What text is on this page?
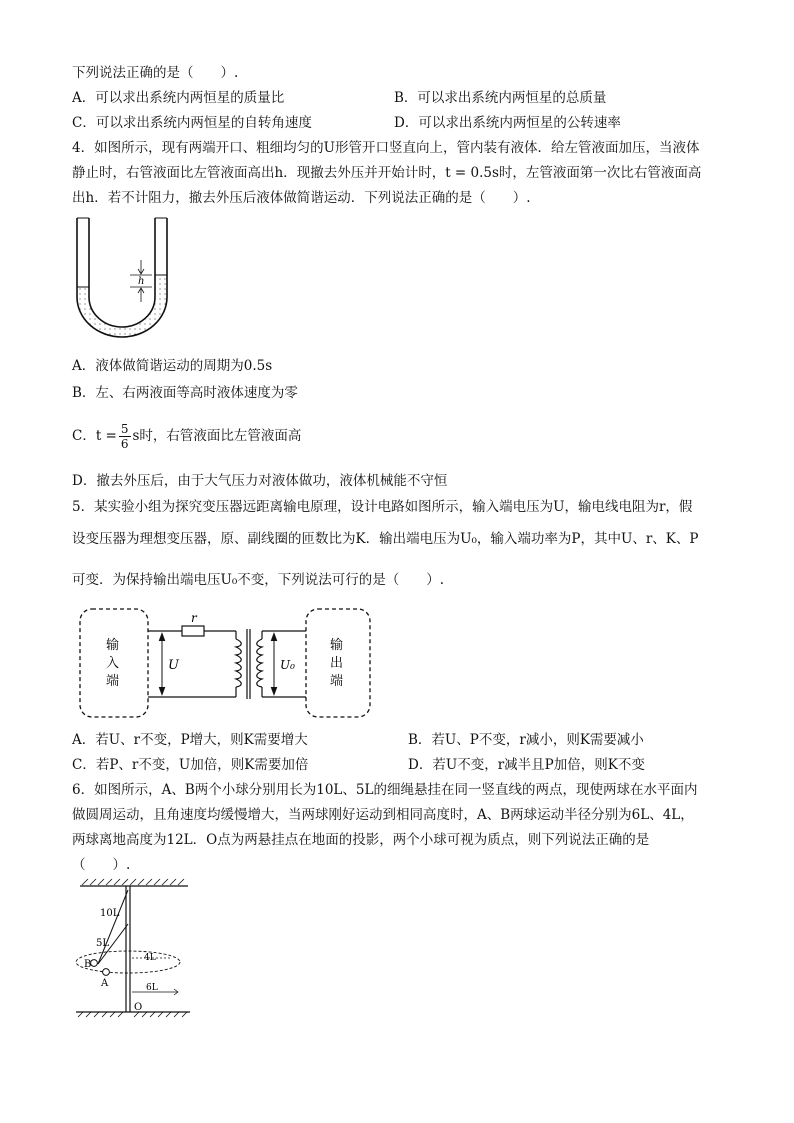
下列说法正确的是（　　）.
A．可以求出系统内两恒星的质量比	B．可以求出系统内两恒星的总质量
C．可以求出系统内两恒星的自转角速度	D．可以求出系统内两恒星的公转速率
4．如图所示，现有两端开口、粗细均匀的U形管开口竖直向上，管内装有液体．给左管液面加压，当液体
静止时，右管液面比左管液面高出h．现撤去外压并开始计时，t = 0.5s时，左管液面第一次比右管液面高
出h．若不计阻力，撤去外压后液体做简谐运动．下列说法正确的是（　　）.
h
A．液体做简谐运动的周期为0.5s
B．左、右两液面等高时液体速度为零
C．$t = \frac{5}{6}$ s时，右管液面比左管液面高
D．撤去外压后，由于大气压力对液体做功，液体机械能不守恒
5．某实验小组为探究变压器远距离输电原理，设计电路如图所示，输入端电压为U，输电线电阻为r，假
设变压器为理想变压器，原、副线圈的匝数比为K．输出端电压为U₀，输入端功率为P，其中U、r、K、P
可变．为保持输出端电压U₀不变，下列说法可行的是（　　）.
输
入
端
输
出
端
r
U	U₀
A．若U、r不变，P增大，则K需要增大	B．若U、P不变，r减小，则K需要减小
C．若P、r不变，U加倍，则K需要加倍	D．若U不变，r减半且P加倍，则K不变
6．如图所示，A、B两个小球分别用长为10L、5L的细绳悬挂在同一竖直线的两点，现使两球在水平面内
做圆周运动，且角速度均缓慢增大，当两球刚好运动到相同高度时，A、B两球运动半径分别为6L、4L，
两球离地高度为12L．O点为两悬挂点在地面的投影，两个小球可视为质点，则下列说法正确的是
（　　）.
10L
5L
4L
6L
B
A
O
